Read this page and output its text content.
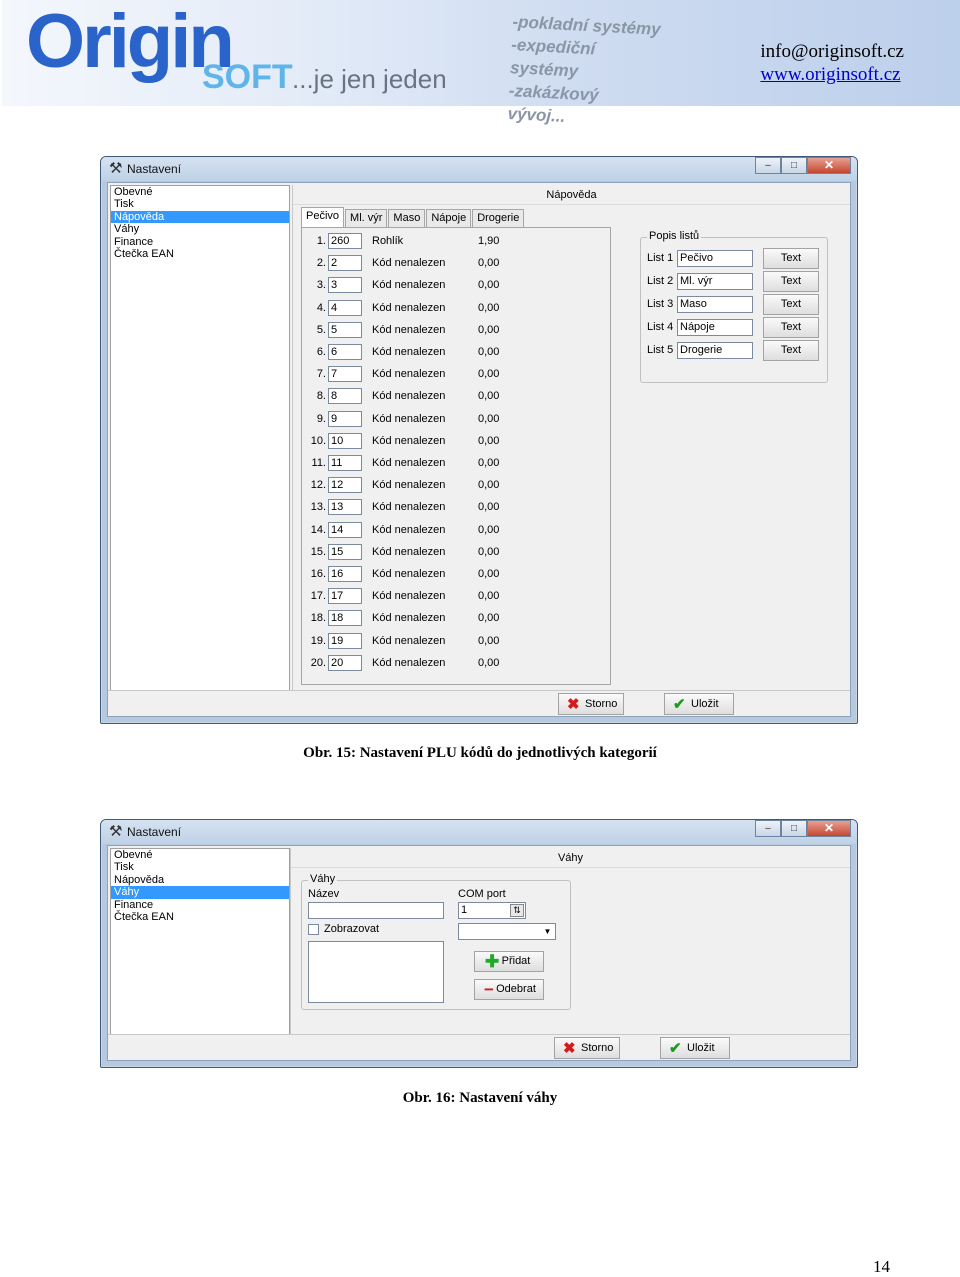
Origin
SOFT ...je jen jeden
-pokladní systémy
-expediční systémy
-zakázkový vývoj...
info@originsoft.cz
www.originsoft.cz
⚒ Nastavení	–	□	✕
Obevné
Tisk
Nápověda
Váhy
Finance
Čtečka EAN
Nápověda
Pečivo	Ml. výr	Maso	Nápoje	Drogerie
1. 260	Rohlík	1,90
2. 2	Kód nenalezen	0,00
3. 3	Kód nenalezen	0,00
4. 4	Kód nenalezen	0,00
5. 5	Kód nenalezen	0,00
6. 6	Kód nenalezen	0,00
7. 7	Kód nenalezen	0,00
8. 8	Kód nenalezen	0,00
9. 9	Kód nenalezen	0,00
10. 10	Kód nenalezen	0,00
11. 11	Kód nenalezen	0,00
12. 12	Kód nenalezen	0,00
13. 13	Kód nenalezen	0,00
14. 14	Kód nenalezen	0,00
15. 15	Kód nenalezen	0,00
16. 16	Kód nenalezen	0,00
17. 17	Kód nenalezen	0,00
18. 18	Kód nenalezen	0,00
19. 19	Kód nenalezen	0,00
20. 20	Kód nenalezen	0,00
Popis listů
List 1 Pečivo	Text
List 2 Ml. výr	Text
List 3 Maso	Text
List 4 Nápoje	Text
List 5 Drogerie	Text
✖ Storno	✔ Uložit
Obr. 15: Nastavení PLU kódů do jednotlivých kategorií
⚒ Nastavení	–	□	✕
Obevné
Tisk
Nápověda
Váhy
Finance
Čtečka EAN
Váhy
Váhy
Název
Zobrazovat
COM port
1	⇅
▼
✚ Přidat
− Odebrat
✖ Storno	✔ Uložit
Obr. 16: Nastavení váhy
14
